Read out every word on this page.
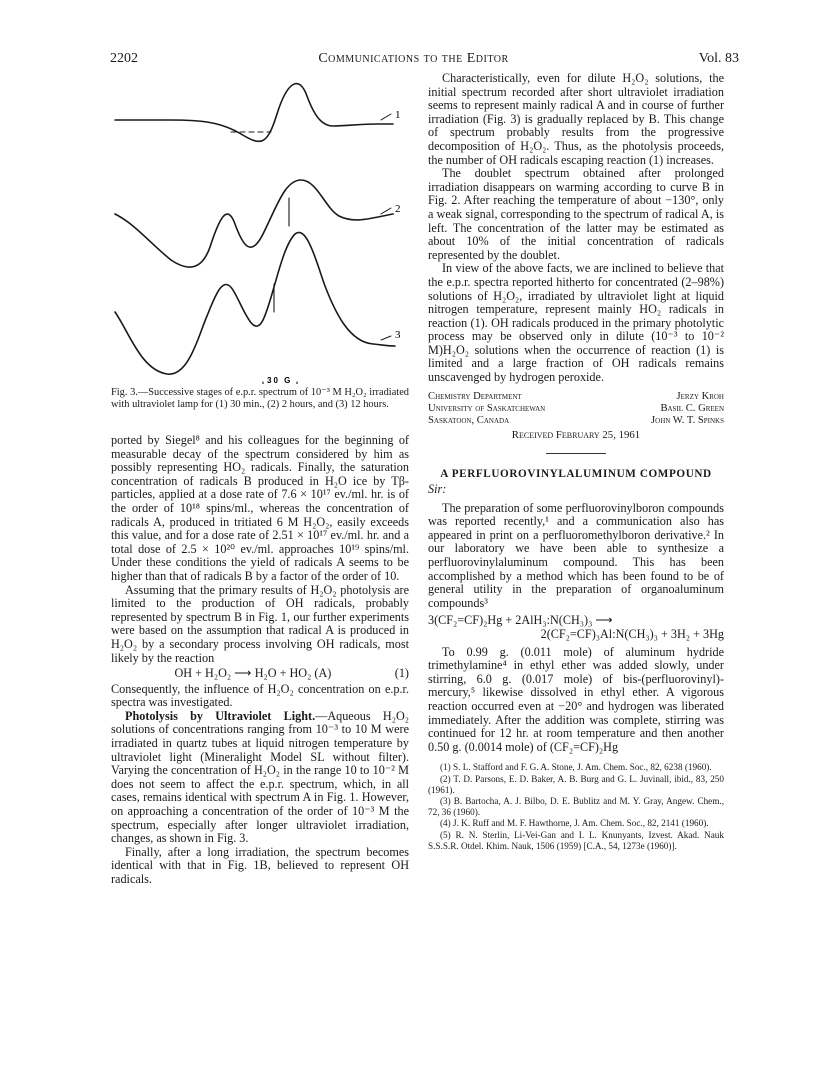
2202	Communications to the Editor	Vol. 83
1
2
3
30 G
Fig. 3.—Successive stages of e.p.r. spectrum of 10⁻³ M H₂O₂ irradiated with ultraviolet lamp for (1) 30 min., (2) 2 hours, and (3) 12 hours.

ported by Siegel⁸ and his colleagues for the beginning of measurable decay of the spectrum considered by him as possibly representing HO₂ radicals. Finally, the saturation concentration of radicals B produced in H₂O ice by Tβ-particles, applied at a dose rate of 7.6 × 10¹⁷ ev./ml. hr. is of the order of 10¹⁸ spins/ml., whereas the concentration of radicals A, produced in tritiated 6 M H₂O₂, easily exceeds this value, and for a dose rate of 2.51 × 10¹⁷ ev./ml. hr. and a total dose of 2.5 × 10²⁰ ev./ml. approaches 10¹⁹ spins/ml. Under these conditions the yield of radicals A seems to be higher than that of radicals B by a factor of the order of 10.

Assuming that the primary results of H₂O₂ photolysis are limited to the production of OH radicals, probably represented by spectrum B in Fig. 1, our further experiments were based on the assumption that radical A is produced in H₂O₂ by a secondary process involving OH radicals, most likely by the reaction

OH + H₂O₂ ⟶ H₂O + HO₂ (A)	(1)

Consequently, the influence of H₂O₂ concentration on e.p.r. spectra was investigated.

Photolysis by Ultraviolet Light.—Aqueous H₂O₂ solutions of concentrations ranging from 10⁻³ to 10 M were irradiated in quartz tubes at liquid nitrogen temperature by ultraviolet light (Mineralight Model SL without filter). Varying the concentration of H₂O₂ in the range 10 to 10⁻² M does not seem to affect the e.p.r. spectrum, which, in all cases, remains identical with spectrum A in Fig. 1. However, on approaching a concentration of the order of 10⁻³ M the spectrum, especially after longer ultraviolet irradiation, changes, as shown in Fig. 3.

Finally, after a long irradiation, the spectrum becomes identical with that in Fig. 1B, believed to represent OH radicals.

Characteristically, even for dilute H₂O₂ solutions, the initial spectrum recorded after short ultraviolet irradiation seems to represent mainly radical A and in course of further irradiation (Fig. 3) is gradually replaced by B. This change of spectrum probably results from the progressive decomposition of H₂O₂. Thus, as the photolysis proceeds, the number of OH radicals escaping reaction (1) increases.

The doublet spectrum obtained after prolonged irradiation disappears on warming according to curve B in Fig. 2. After reaching the temperature of about −130°, only a weak signal, corresponding to the spectrum of radical A, is left. The concentration of the latter may be estimated as about 10% of the initial concentration of radicals represented by the doublet.

In view of the above facts, we are inclined to believe that the e.p.r. spectra reported hitherto for concentrated (2–98%) solutions of H₂O₂, irradiated by ultraviolet light at liquid nitrogen temperature, represent mainly HO₂ radicals in reaction (1). OH radicals produced in the primary photolytic process may be observed only in dilute (10⁻³ to 10⁻² M)H₂O₂ solutions when the occurrence of reaction (1) is limited and a large fraction of OH radicals remains unscavenged by hydrogen peroxide.

Chemistry Department	Jerzy Kroh
University of Saskatchewan	Basil C. Green
Saskatoon, Canada	John W. T. Spinks
Received February 25, 1961
A PERFLUOROVINYLALUMINUM COMPOUND
Sir:

The preparation of some perfluorovinylboron compounds was reported recently,¹ and a communication also has appeared in print on a perfluoromethylboron derivative.² In our laboratory we have been able to synthesize a perfluorovinylaluminum compound. This has been accomplished by a method which has been found to be of general utility in the preparation of organoaluminum compounds³

3(CF₂=CF)₂Hg + 2AlH₃:N(CH₃)₃ ⟶
2(CF₂=CF)₃Al:N(CH₃)₃ + 3H₂ + 3Hg

To 0.99 g. (0.011 mole) of aluminum hydride trimethylamine⁴ in ethyl ether was added slowly, under stirring, 6.0 g. (0.017 mole) of bis-(perfluorovinyl)-mercury,⁵ likewise dissolved in ethyl ether. A vigorous reaction occurred even at −20° and hydrogen was liberated immediately. After the addition was complete, stirring was continued for 12 hr. at room temperature and then another 0.50 g. (0.0014 mole) of (CF₂=CF)₂Hg

(1) S. L. Stafford and F. G. A. Stone, J. Am. Chem. Soc., 82, 6238 (1960).

(2) T. D. Parsons, E. D. Baker, A. B. Burg and G. L. Juvinall, ibid., 83, 250 (1961).

(3) B. Bartocha, A. J. Bilbo, D. E. Bublitz and M. Y. Gray, Angew. Chem., 72, 36 (1960).

(4) J. K. Ruff and M. F. Hawthorne, J. Am. Chem. Soc., 82, 2141 (1960).

(5) R. N. Sterlin, Li-Vei-Gan and I. L. Knunyants, Izvest. Akad. Nauk S.S.S.R. Otdel. Khim. Nauk, 1506 (1959) [C.A., 54, 1273e (1960)].
